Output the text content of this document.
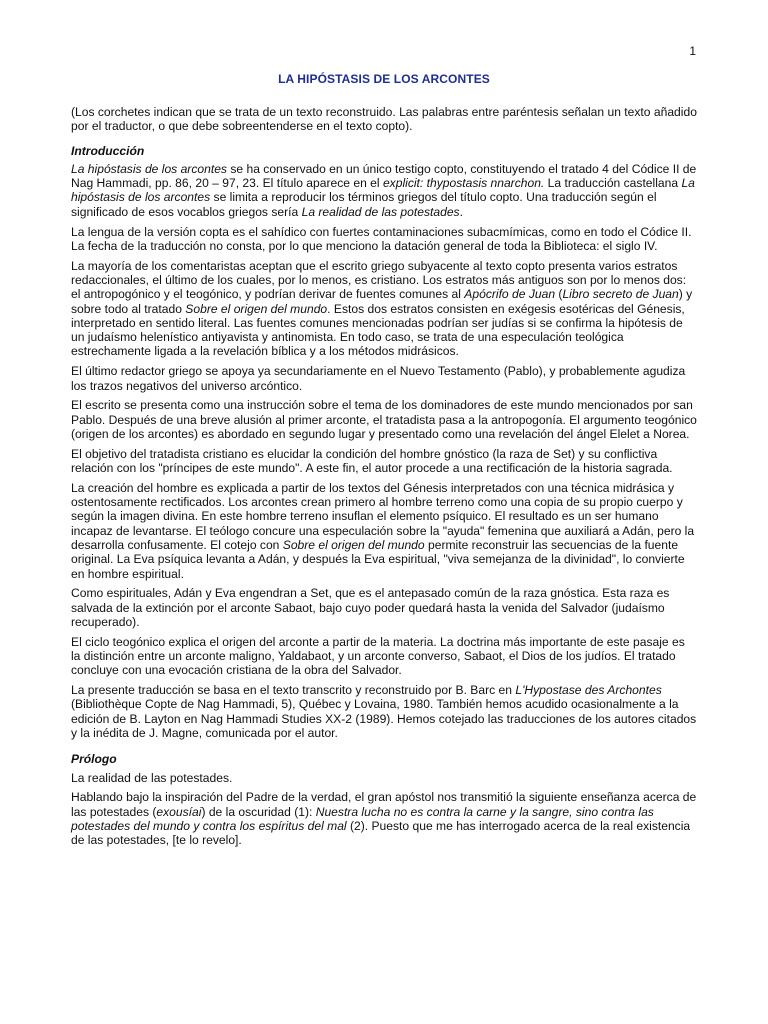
1
LA HIPÓSTASIS DE LOS ARCONTES

(Los corchetes indican que se trata de un texto reconstruido. Las palabras entre paréntesis señalan un texto añadido por el traductor, o que debe sobreentenderse en el texto copto).

Introducción

La hipóstasis de los arcontes se ha conservado en un único testigo copto, constituyendo el tratado 4 del Códice II de Nag Hammadi, pp. 86, 20 – 97, 23. El título aparece en el explicit: thypostasis nnarchon. La traducción castellana La hipóstasis de los arcontes se limita a reproducir los términos griegos del título copto. Una traducción según el significado de esos vocablos griegos sería La realidad de las potestades.

La lengua de la versión copta es el sahídico con fuertes contaminaciones subacmímicas, como en todo el Códice II. La fecha de la traducción no consta, por lo que menciono la datación general de toda la Biblioteca: el siglo IV.

La mayoría de los comentaristas aceptan que el escrito griego subyacente al texto copto presenta varios estratos redaccionales, el último de los cuales, por lo menos, es cristiano. Los estratos más antiguos son por lo menos dos: el antropogónico y el teogónico, y podrían derivar de fuentes comunes al Apócrifo de Juan (Libro secreto de Juan) y sobre todo al tratado Sobre el origen del mundo. Estos dos estratos consisten en exégesis esotéricas del Génesis, interpretado en sentido literal. Las fuentes comunes mencionadas podrían ser judías si se confirma la hipótesis de un judaísmo helenístico antiyavista y antinomista. En todo caso, se trata de una especulación teológica estrechamente ligada a la revelación bíblica y a los métodos midrásicos.

El último redactor griego se apoya ya secundariamente en el Nuevo Testamento (Pablo), y probablemente agudiza los trazos negativos del universo arcóntico.

El escrito se presenta como una instrucción sobre el tema de los dominadores de este mundo mencionados por san Pablo. Después de una breve alusión al primer arconte, el tratadista pasa a la antropogonía. El argumento teogónico (origen de los arcontes) es abordado en segundo lugar y presentado como una revelación del ángel Elelet a Norea.

El objetivo del tratadista cristiano es elucidar la condición del hombre gnóstico (la raza de Set) y su conflictiva relación con los "príncipes de este mundo". A este fin, el autor procede a una rectificación de la historia sagrada.

La creación del hombre es explicada a partir de los textos del Génesis interpretados con una técnica midrásica y ostentosamente rectificados. Los arcontes crean primero al hombre terreno como una copia de su propio cuerpo y según la imagen divina. En este hombre terreno insuflan el elemento psíquico. El resultado es un ser humano incapaz de levantarse. El teólogo concure una especulación sobre la "ayuda" femenina que auxiliará a Adán, pero la desarrolla confusamente. El cotejo con Sobre el origen del mundo permite reconstruir las secuencias de la fuente original. La Eva psíquica levanta a Adán, y después la Eva espiritual, "viva semejanza de la divinidad", lo convierte en hombre espiritual.

Como espirituales, Adán y Eva engendran a Set, que es el antepasado común de la raza gnóstica. Esta raza es salvada de la extinción por el arconte Sabaot, bajo cuyo poder quedará hasta la venida del Salvador (judaísmo recuperado).

El ciclo teogónico explica el origen del arconte a partir de la materia. La doctrina más importante de este pasaje es la distinción entre un arconte maligno, Yaldabaot, y un arconte converso, Sabaot, el Dios de los judíos. El tratado concluye con una evocación cristiana de la obra del Salvador.

La presente traducción se basa en el texto transcrito y reconstruido por B. Barc en L'Hypostase des Archontes (Bibliothèque Copte de Nag Hammadi, 5), Québec y Lovaina, 1980. También hemos acudido ocasionalmente a la edición de B. Layton en Nag Hammadi Studies XX-2 (1989). Hemos cotejado las traducciones de los autores citados y la inédita de J. Magne, comunicada por el autor.

Prólogo

La realidad de las potestades.

Hablando bajo la inspiración del Padre de la verdad, el gran apóstol nos transmitió la siguiente enseñanza acerca de las potestades (exousíai) de la oscuridad (1): Nuestra lucha no es contra la carne y la sangre, sino contra las potestades del mundo y contra los espíritus del mal (2). Puesto que me has interrogado acerca de la real existencia de las potestades, [te lo revelo].
